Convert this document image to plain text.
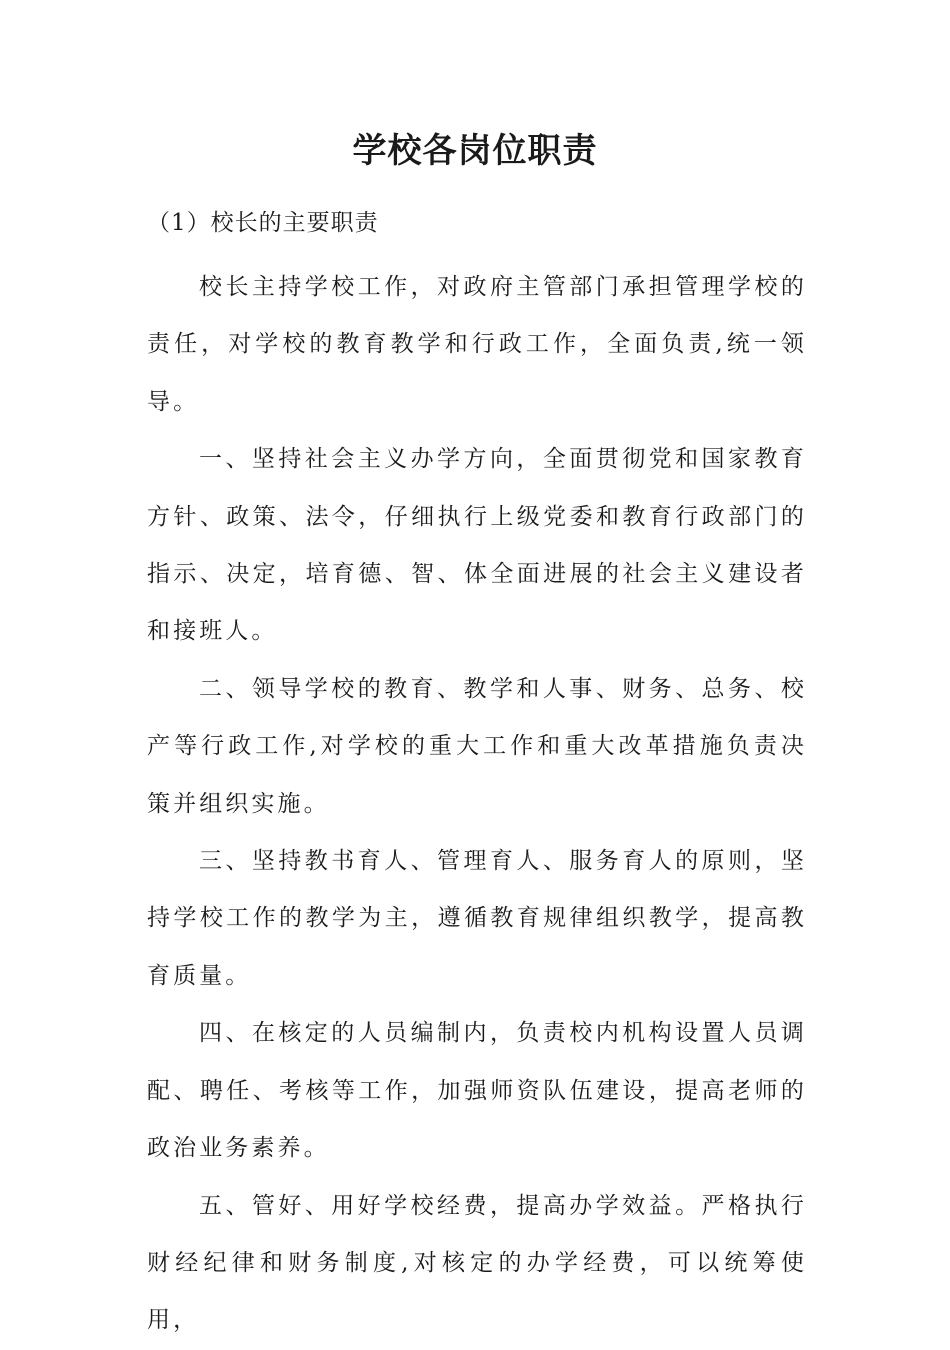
学校各岗位职责

（1）校长的主要职责

校长主持学校工作，对政府主管部门承担管理学校的责任，对学校的教育教学和行政工作，全面负责,统一领导。

一、坚持社会主义办学方向，全面贯彻党和国家教育方针、政策、法令，仔细执行上级党委和教育行政部门的指示、决定，培育德、智、体全面进展的社会主义建设者和接班人。

二、领导学校的教育、教学和人事、财务、总务、校产等行政工作,对学校的重大工作和重大改革措施负责决策并组织实施。

三、坚持教书育人、管理育人、服务育人的原则，坚持学校工作的教学为主，遵循教育规律组织教学，提高教育质量。

四、在核定的人员编制内，负责校内机构设置人员调配、聘任、考核等工作，加强师资队伍建设，提高老师的政治业务素养。

五、管好、用好学校经费，提高办学效益。严格执行财经纪律和财务制度,对核定的办学经费，可以统筹使用，
